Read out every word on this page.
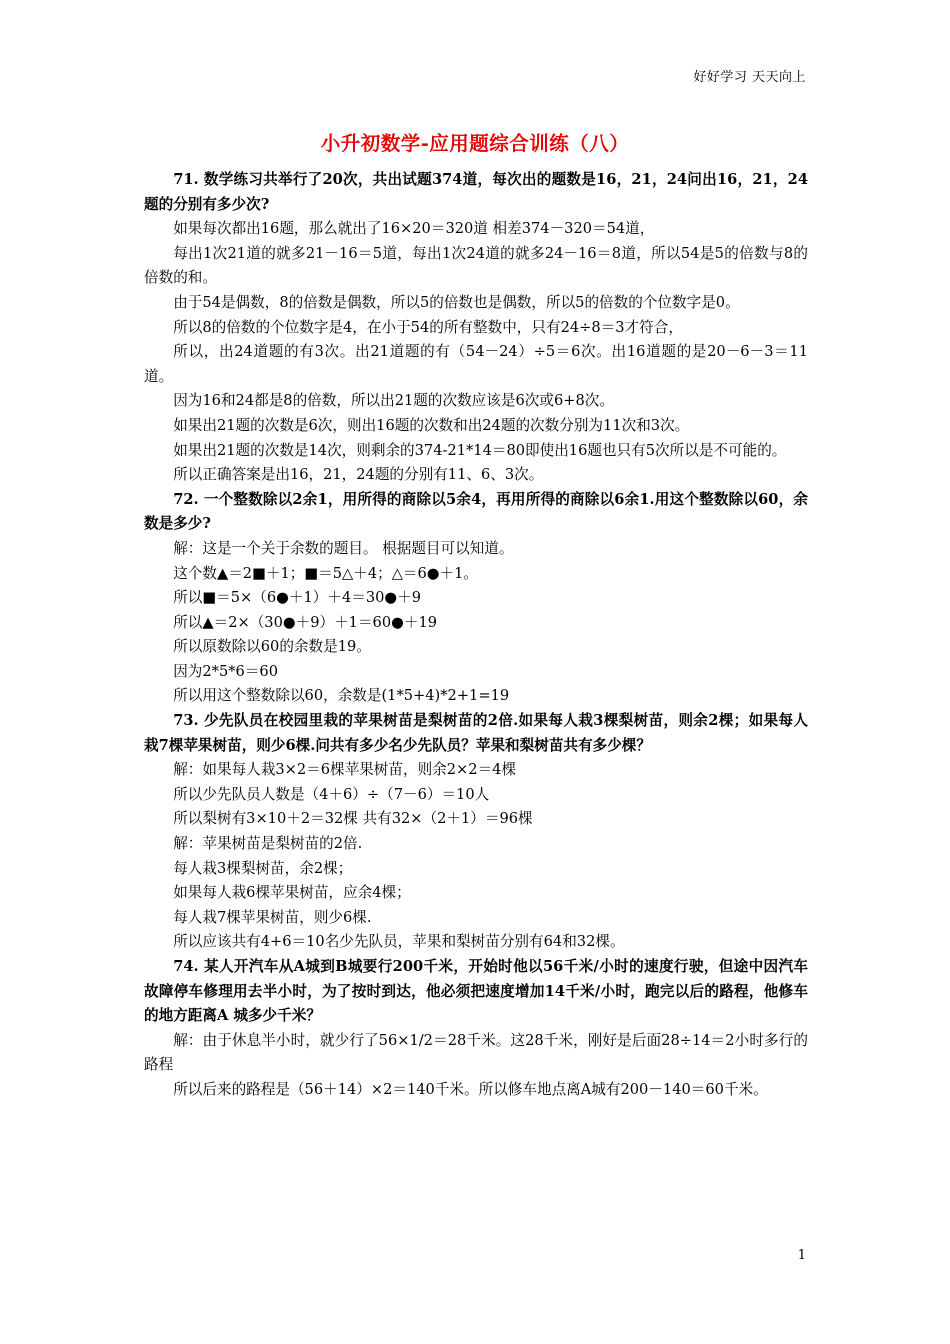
好好学习 天天向上
小升初数学-应用题综合训练（八）

71. 数学练习共举行了20次，共出试题374道，每次出的题数是16，21，24问出16，21，24题的分别有多少次?

如果每次都出16题，那么就出了16×20＝320道 相差374－320＝54道，

每出1次21道的就多21－16＝5道，每出1次24道的就多24－16＝8道，所以54是5的倍数与8的倍数的和。

由于54是偶数，8的倍数是偶数，所以5的倍数也是偶数，所以5的倍数的个位数字是0。

所以8的倍数的个位数字是4，在小于54的所有整数中，只有24÷8＝3才符合，

所以，出24道题的有3次。出21道题的有（54－24）÷5＝6次。出16道题的是20－6－3＝11道。

因为16和24都是8的倍数，所以出21题的次数应该是6次或6+8次。

如果出21题的次数是6次，则出16题的次数和出24题的次数分别为11次和3次。

如果出21题的次数是14次，则剩余的374-21*14＝80即使出16题也只有5次所以是不可能的。

所以正确答案是出16，21，24题的分别有11、6、3次。

72. 一个整数除以2余1，用所得的商除以5余4，再用所得的商除以6余1.用这个整数除以60，余数是多少?

解：这是一个关于余数的题目。 根据题目可以知道。

这个数▲＝2■＋1；■＝5△＋4；△＝6●＋1。

所以■＝5×（6●＋1）＋4＝30●＋9

所以▲＝2×（30●＋9）＋1＝60●＋19

所以原数除以60的余数是19。

因为2*5*6＝60

所以用这个整数除以60，余数是(1*5+4)*2+1=19

73. 少先队员在校园里栽的苹果树苗是梨树苗的2倍.如果每人栽3棵梨树苗，则余2棵；如果每人栽7棵苹果树苗，则少6棵.问共有多少名少先队员？苹果和梨树苗共有多少棵？

解：如果每人栽3×2＝6棵苹果树苗，则余2×2＝4棵

所以少先队员人数是（4＋6）÷（7－6）＝10人

所以梨树有3×10＋2＝32棵 共有32×（2＋1）＝96棵

解：苹果树苗是梨树苗的2倍.

每人栽3棵梨树苗，余2棵；

如果每人栽6棵苹果树苗，应余4棵；

每人栽7棵苹果树苗，则少6棵.

所以应该共有4+6＝10名少先队员，苹果和梨树苗分别有64和32棵。

74. 某人开汽车从A城到B城要行200千米，开始时他以56千米/小时的速度行驶，但途中因汽车故障停车修理用去半小时，为了按时到达，他必须把速度增加14千米/小时，跑完以后的路程，他修车的地方距离A 城多少千米？

解：由于休息半小时，就少行了56×1/2＝28千米。这28千米，刚好是后面28÷14＝2小时多行的路程

所以后来的路程是（56＋14）×2＝140千米。所以修车地点离A城有200－140＝60千米。

1
